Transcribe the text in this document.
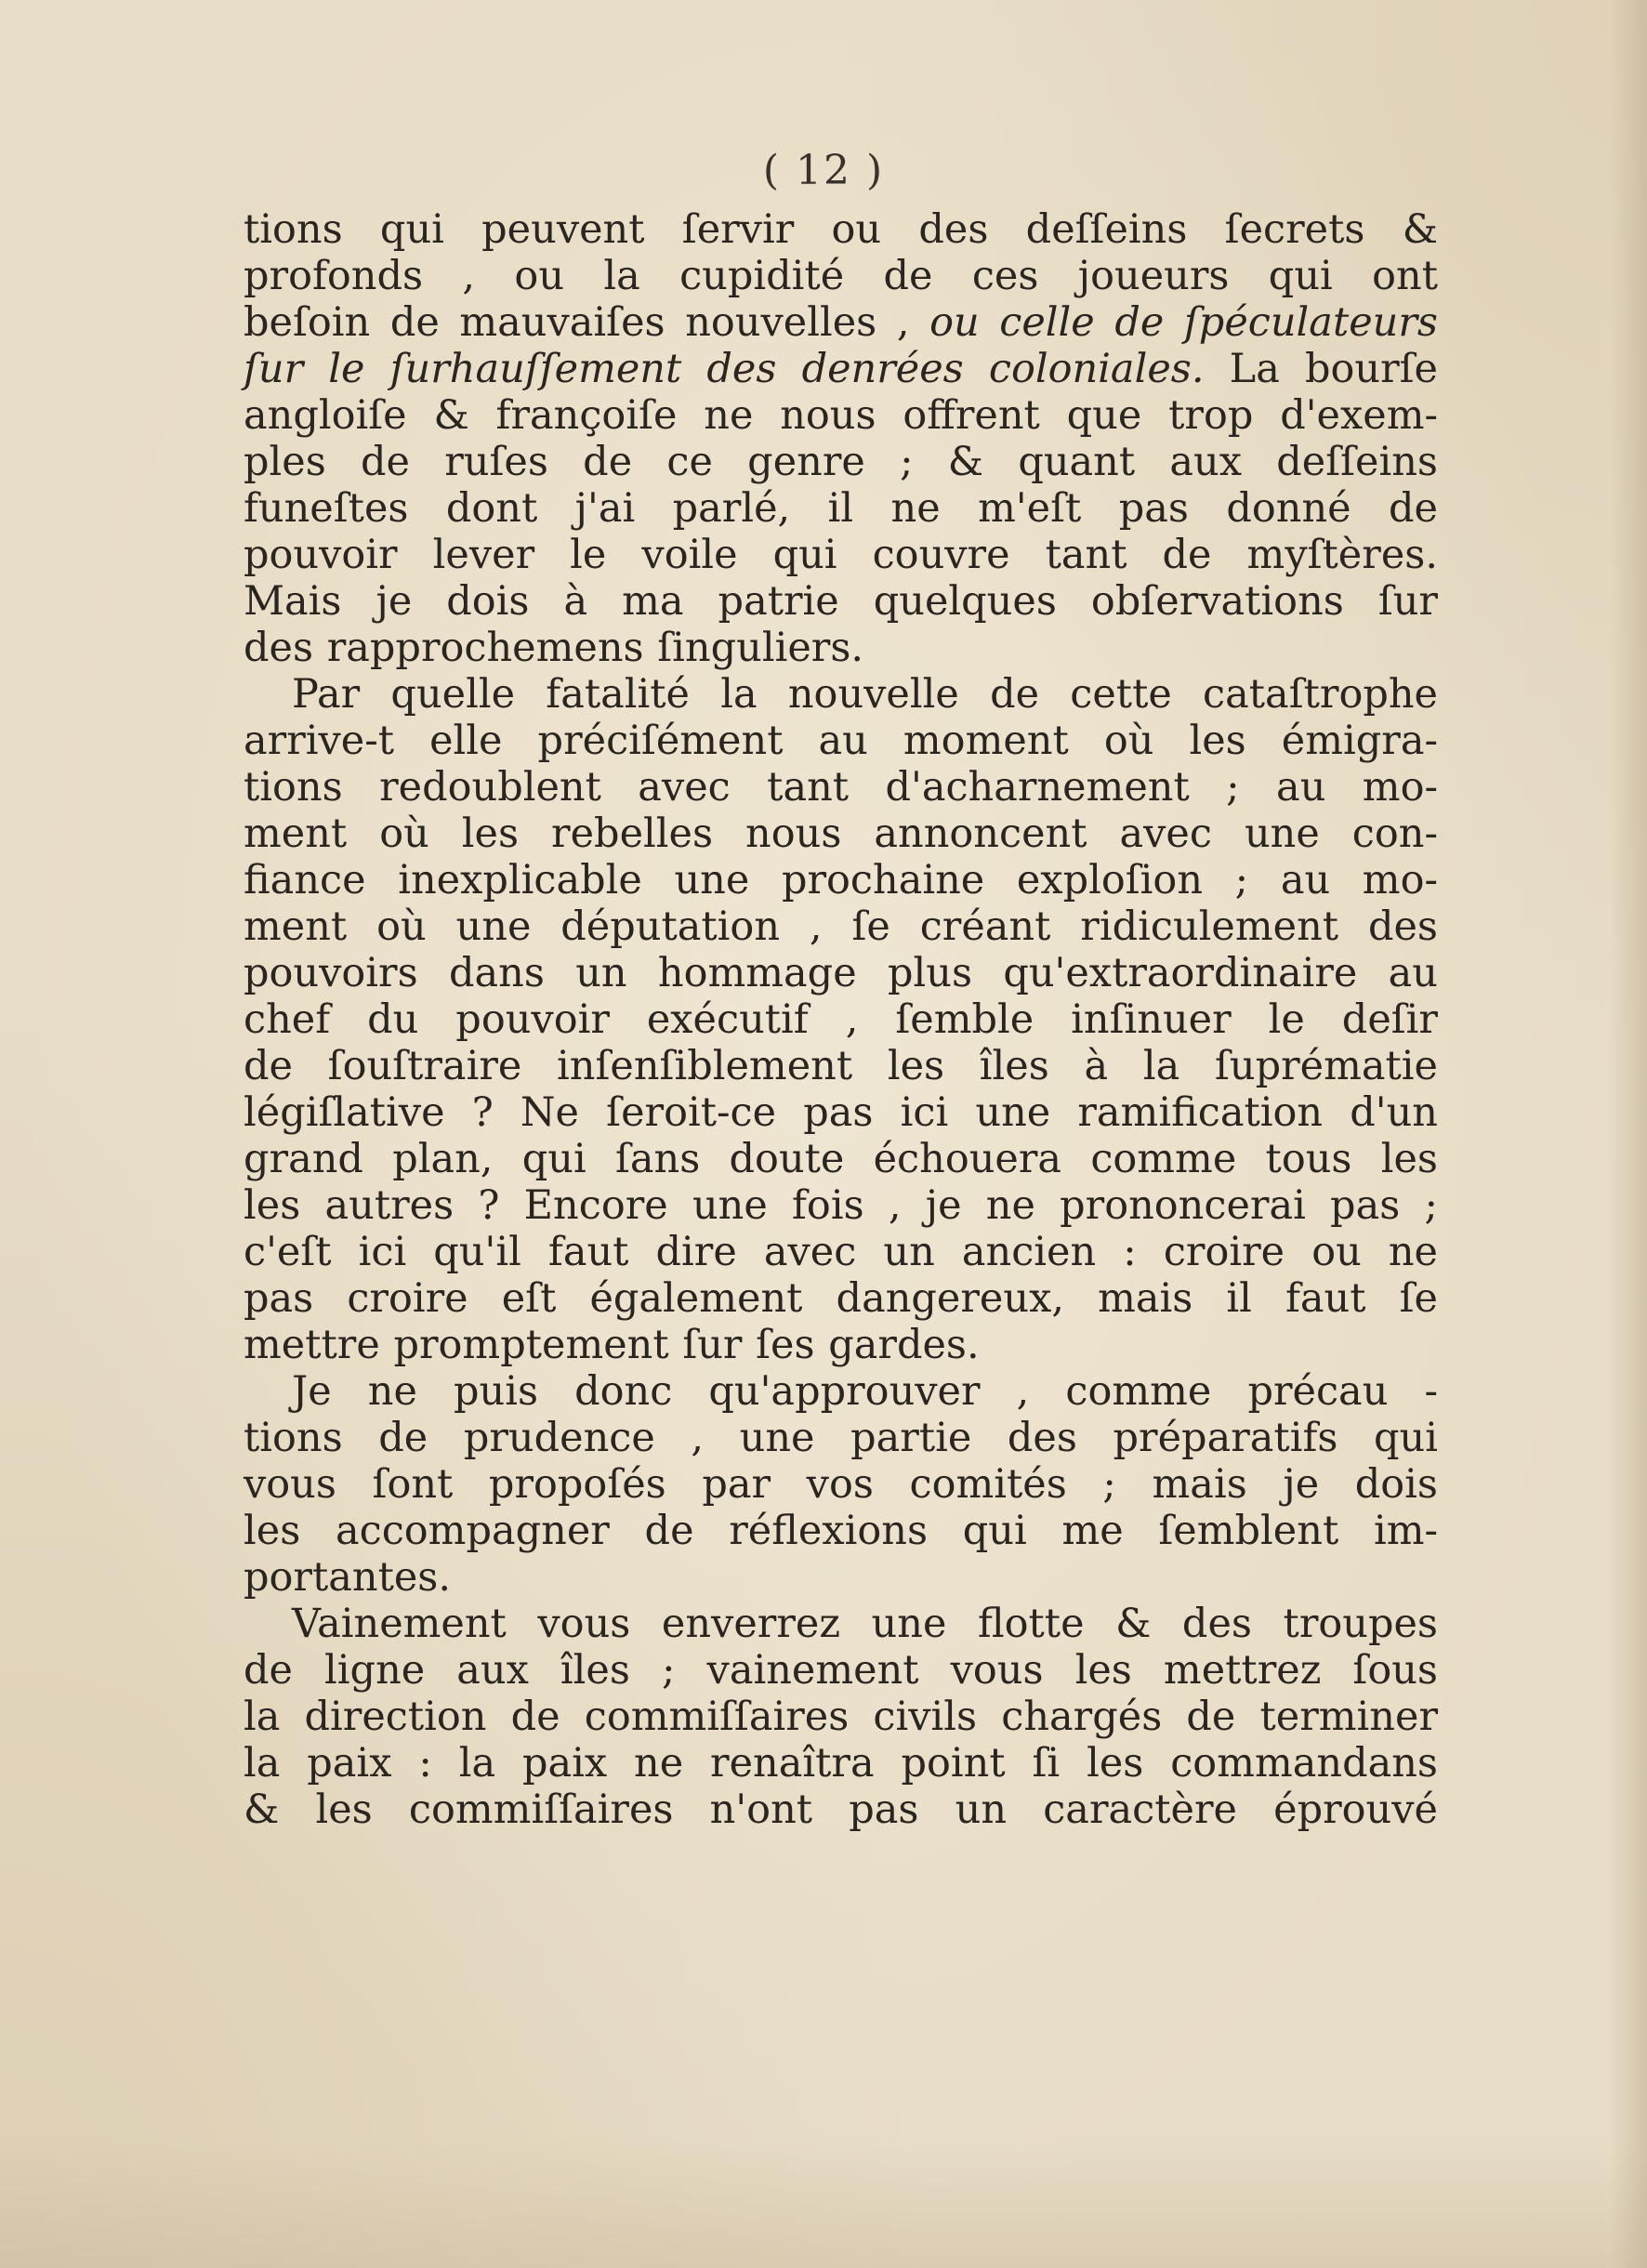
( 12 )
tions qui peuvent ſervir ou des deſſeins ſecrets &
profonds , ou la cupidité de ces joueurs qui ont
beſoin de mauvaiſes nouvelles , ou celle de ſpéculateurs
ſur le ſurhauſſement des denrées coloniales. La bourſe
angloiſe & françoiſe ne nous offrent que trop d'exem-
ples de ruſes de ce genre ; & quant aux deſſeins
funeſtes dont j'ai parlé, il ne m'eſt pas donné de
pouvoir lever le voile qui couvre tant de myſtères.
Mais je dois à ma patrie quelques obſervations ſur
des rapprochemens ſinguliers.
Par quelle fatalité la nouvelle de cette cataſtrophe
arrive-t elle préciſément au moment où les émigra-
tions redoublent avec tant d'acharnement ; au mo-
ment où les rebelles nous annoncent avec une con-
fiance inexplicable une prochaine exploſion ; au mo-
ment où une députation , ſe créant ridiculement des
pouvoirs dans un hommage plus qu'extraordinaire au
chef du pouvoir exécutif , ſemble inſinuer le deſir
de ſouſtraire inſenſiblement les îles à la ſuprématie
légiſlative ? Ne ſeroit-ce pas ici une ramification d'un
grand plan, qui ſans doute échouera comme tous les
les autres ? Encore une fois , je ne prononcerai pas ;
c'eſt ici qu'il faut dire avec un ancien : croire ou ne
pas croire eſt également dangereux, mais il faut ſe
mettre promptement ſur ſes gardes.
Je ne puis donc qu'approuver , comme précau -
tions de prudence , une partie des préparatifs qui
vous ſont propoſés par vos comités ; mais je dois
les accompagner de réflexions qui me ſemblent im-
portantes.
Vainement vous enverrez une flotte & des troupes
de ligne aux îles ; vainement vous les mettrez ſous
la direction de commiſſaires civils chargés de terminer
la paix : la paix ne renaîtra point ſi les commandans
& les commiſſaires n'ont pas un caractère éprouvé
